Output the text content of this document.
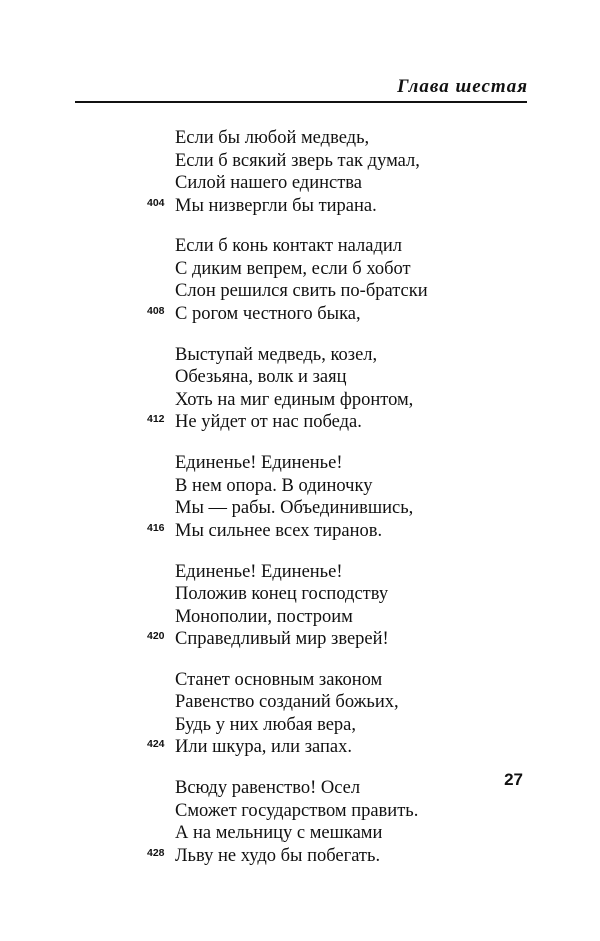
Глава шестая
Если бы любой медведь,
Если б всякий зверь так думал,
Силой нашего единства
404 Мы низвергли бы тирана.
Если б конь контакт наладил
С диким вепрем, если б хобот
Слон решился свить по-братски
408 С рогом честного быка,
Выступай медведь, козел,
Обезьяна, волк и заяц
Хоть на миг единым фронтом,
412 Не уйдет от нас победа.
Единенье! Единенье!
В нем опора. В одиночку
Мы — рабы. Объединившись,
416 Мы сильнее всех тиранов.
Единенье! Единенье!
Положив конец господству
Монополии, построим
420 Справедливый мир зверей!
Станет основным законом
Равенство созданий божьих,
Будь у них любая вера,
424 Или шкура, или запах.
Всюду равенство! Осел
Сможет государством править.
А на мельницу с мешками
428 Льву не худо бы побегать.
27
